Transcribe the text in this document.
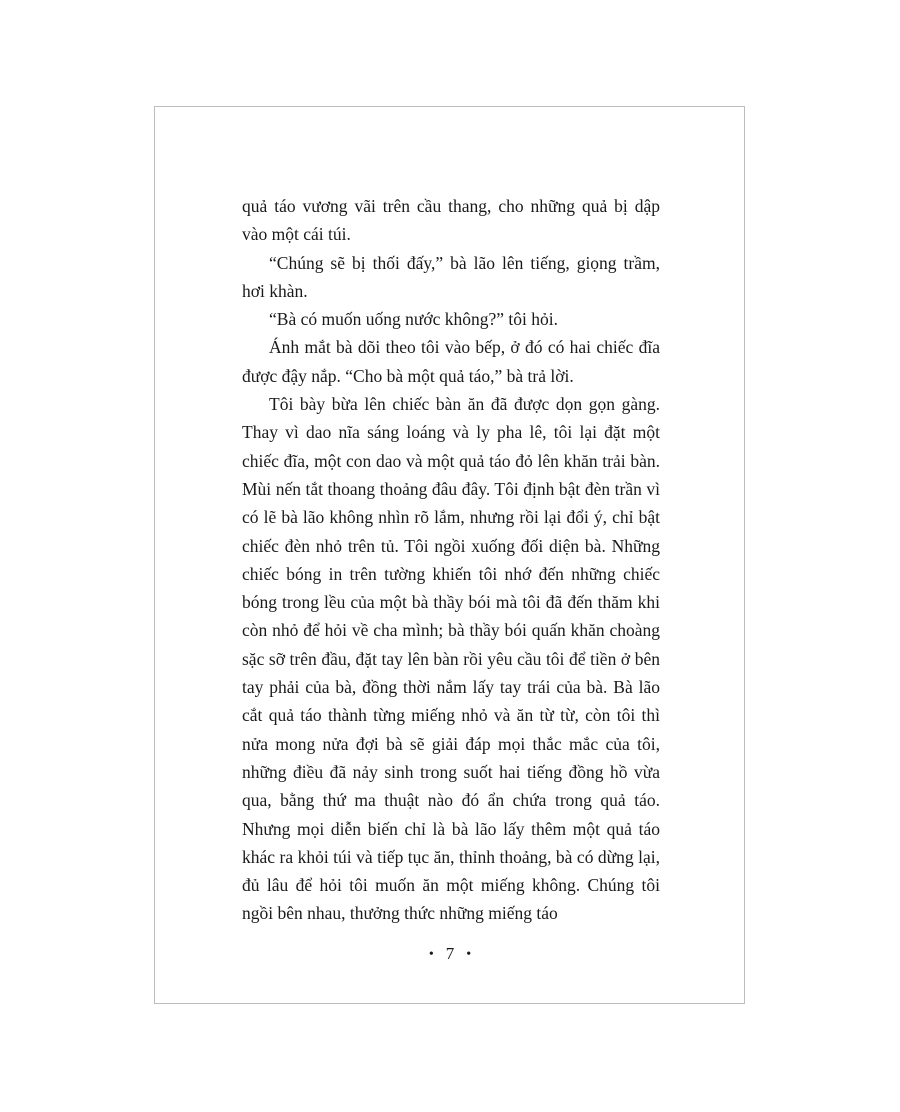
quả táo vương vãi trên cầu thang, cho những quả bị dập vào một cái túi.

“Chúng sẽ bị thối đấy,” bà lão lên tiếng, giọng trầm, hơi khàn.

“Bà có muốn uống nước không?” tôi hỏi.

Ánh mắt bà dõi theo tôi vào bếp, ở đó có hai chiếc đĩa được đậy nắp. “Cho bà một quả táo,” bà trả lời.

Tôi bày bừa lên chiếc bàn ăn đã được dọn gọn gàng. Thay vì dao nĩa sáng loáng và ly pha lê, tôi lại đặt một chiếc đĩa, một con dao và một quả táo đỏ lên khăn trải bàn. Mùi nến tắt thoang thoảng đâu đây. Tôi định bật đèn trần vì có lẽ bà lão không nhìn rõ lắm, nhưng rồi lại đổi ý, chỉ bật chiếc đèn nhỏ trên tủ. Tôi ngồi xuống đối diện bà. Những chiếc bóng in trên tường khiến tôi nhớ đến những chiếc bóng trong lều của một bà thầy bói mà tôi đã đến thăm khi còn nhỏ để hỏi về cha mình; bà thầy bói quấn khăn choàng sặc sỡ trên đầu, đặt tay lên bàn rồi yêu cầu tôi để tiền ở bên tay phải của bà, đồng thời nắm lấy tay trái của bà. Bà lão cắt quả táo thành từng miếng nhỏ và ăn từ từ, còn tôi thì nửa mong nửa đợi bà sẽ giải đáp mọi thắc mắc của tôi, những điều đã nảy sinh trong suốt hai tiếng đồng hồ vừa qua, bằng thứ ma thuật nào đó ẩn chứa trong quả táo. Nhưng mọi diễn biến chỉ là bà lão lấy thêm một quả táo khác ra khỏi túi và tiếp tục ăn, thỉnh thoảng, bà có dừng lại, đủ lâu để hỏi tôi muốn ăn một miếng không. Chúng tôi ngồi bên nhau, thưởng thức những miếng táo

• 7 •
